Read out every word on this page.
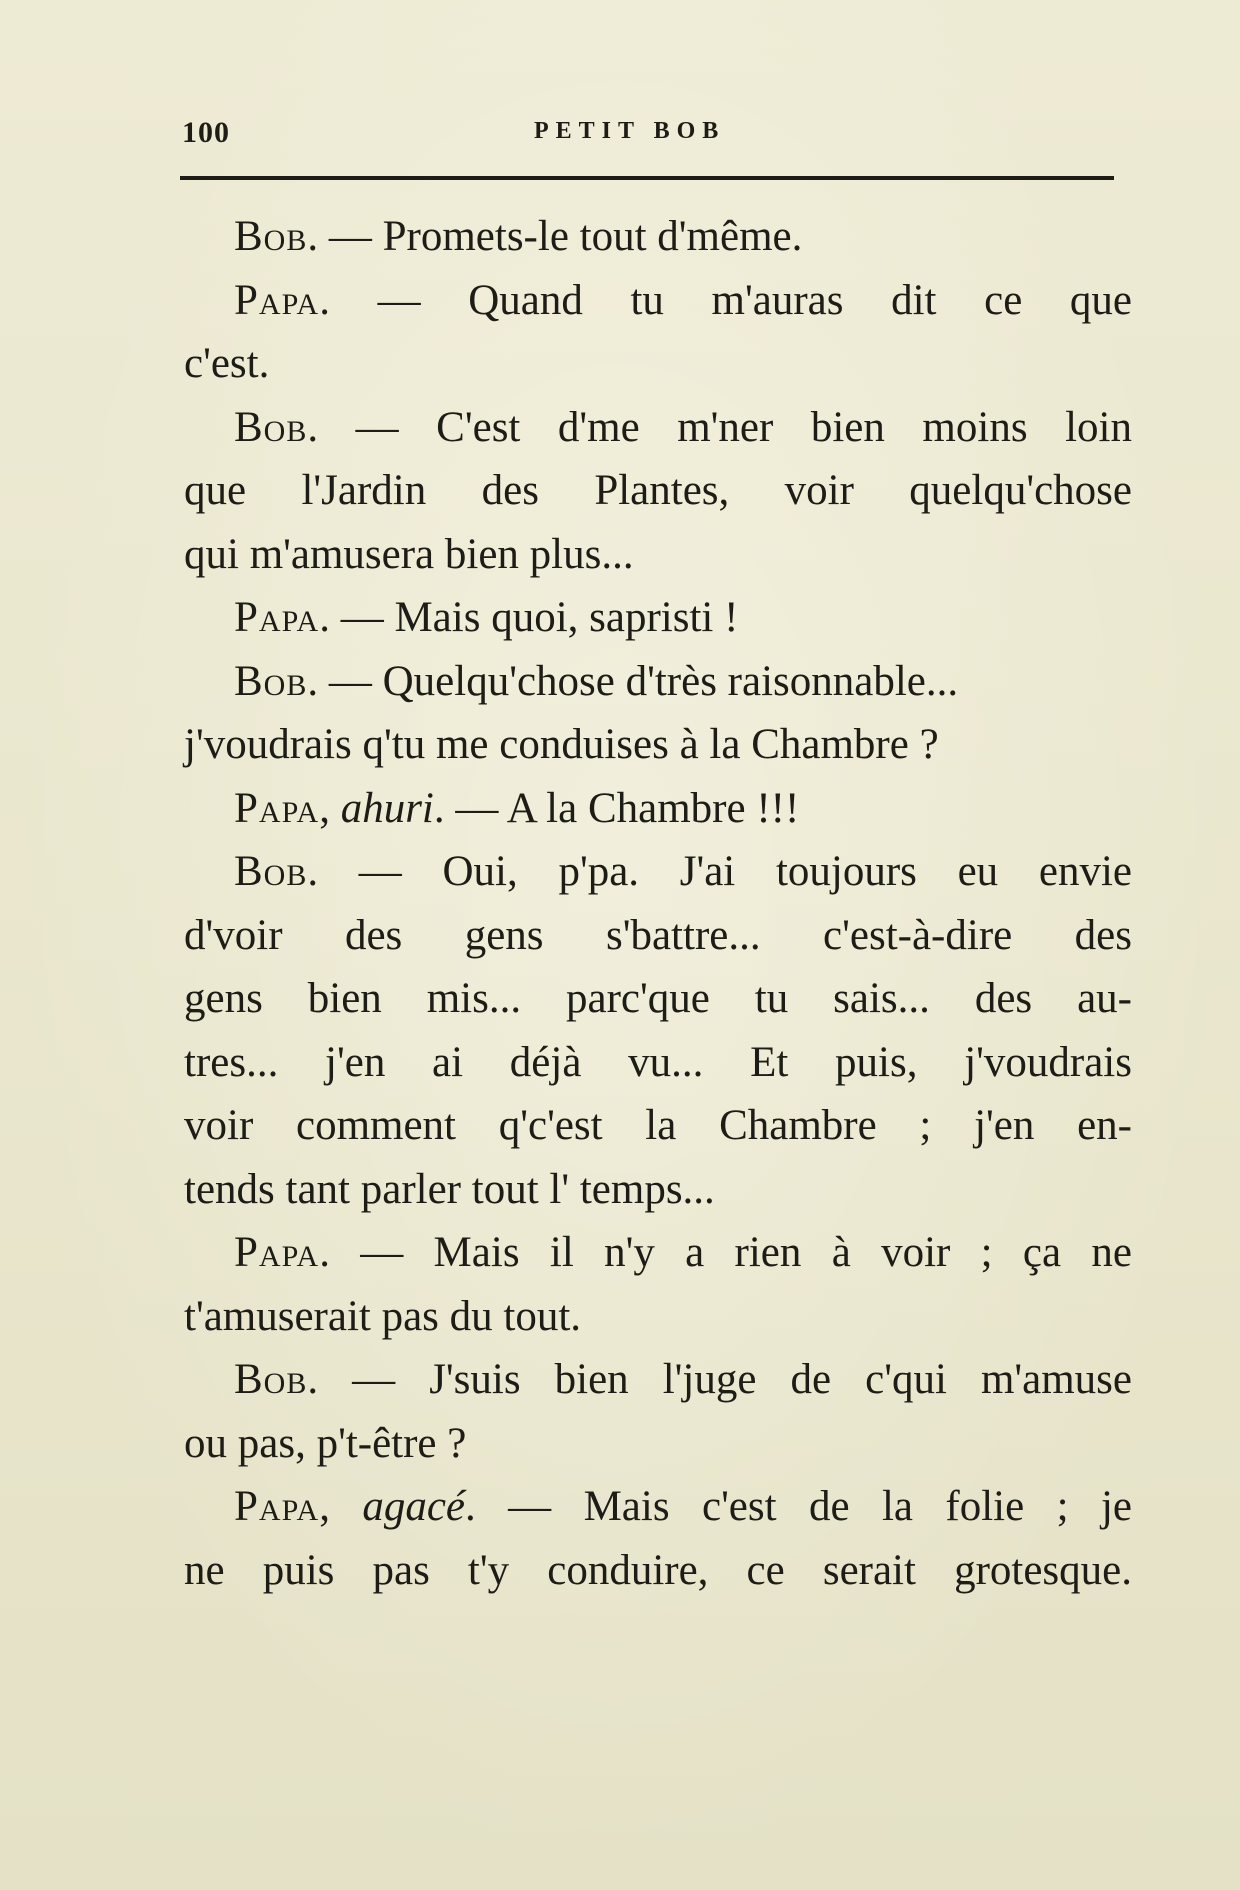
100	PETIT BOB
Bob. — Promets-le tout d'même.
Papa. — Quand tu m'auras dit ce que
c'est.
Bob. — C'est d'me m'ner bien moins loin
que l'Jardin des Plantes, voir quelqu'chose
qui m'amusera bien plus...
Papa. — Mais quoi, sapristi !
Bob. — Quelqu'chose d'très raisonnable...
j'voudrais q'tu me conduises à la Chambre ?
Papa, ahuri. — A la Chambre !!!
Bob. — Oui, p'pa. J'ai toujours eu envie
d'voir des gens s'battre... c'est-à-dire des
gens bien mis... parc'que tu sais... des au-
tres... j'en ai déjà vu... Et puis, j'voudrais
voir comment q'c'est la Chambre ; j'en en-
tends tant parler tout l' temps...
Papa. — Mais il n'y a rien à voir ; ça ne
t'amuserait pas du tout.
Bob. — J'suis bien l'juge de c'qui m'amuse
ou pas, p't-être ?
Papa, agacé. — Mais c'est de la folie ; je
ne puis pas t'y conduire, ce serait grotesque.
